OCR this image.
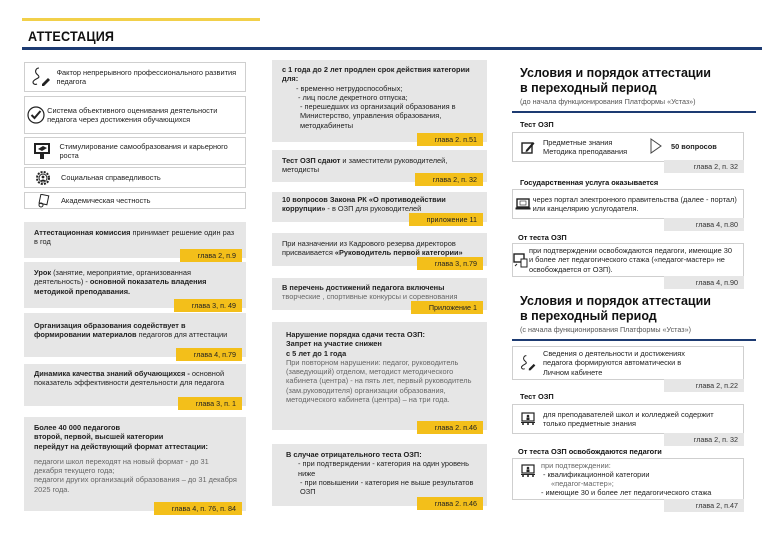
АТТЕСТАЦИЯ
Фактор непрерывного профессионального развития педагога
Система объективного оценивания деятельности педагога через достижения обучающихся
Стимулирование самообразования и карьерного роста
Социальная справедливость
Академическая честность
Аттестационная комиссия принимает решение один раз в год
глава 2, п.9
Урок (занятие, мероприятие, организованная деятельность) - основной показатель владения методикой преподавания.
глава 3, п. 49
Организация образования содействует в формировании материалов педагогов для аттестации
глава 4, п.79
Динамика качества знаний обучающихся - основной показатель эффективности деятельности для педагога
глава 3, п. 1
Более 40 000 педагогов
второй, первой, высшей категории
перейдут на действующий формат аттестации:
педагоги школ переходят на новый формат - до 31 декабря текущего года;
педагоги других организаций образования – до 31 декабря 2025 года.
глава 4, п. 76, п. 84
с 1 года до 2 лет продлен срок действия категории для:
- временно нетрудоспособных;
- лиц после декретного отпуска;
- перешедших из организаций образования в Министерство, управления образования, методкабинеты
глава 2. п.51
Тест ОЗП сдают и заместители руководителей, методисты
глава 2, п. 32
10 вопросов Закона РК «О противодействии коррупции» - в ОЗП для руководителей
приложение 11
При назначении из Кадрового резерва директоров присваивается «Руководитель первой категории»
глава 3, п.79
В перечень достижений педагога включены
творческие , спортивные конкурсы и соревнования
Приложение 1
Нарушение порядка сдачи теста ОЗП:
Запрет на участие снижен
с 5 лет до 1 года
При повторном нарушении: педагог, руководитель (заведующий) отделом, методист методического кабинета (центра) - на пять лет, первый руководитель (зам.руководителя) организации образования, методического кабинета (центра) – на три года.
глава 2. п.46
В случае отрицательного теста ОЗП:
- при подтверждении - категория на один уровень ниже
- при повышении - категория не выше результатов ОЗП
глава 2. п.46
Условия и порядок аттестации
в переходный период
(до начала функционирования Платформы «Устаз»)
Тест ОЗП
Предметные знания
Методика преподавания
50 вопросов
глава 2, п. 32
Государственная услуга оказывается
через портал электронного правительства (далее - портал) или канцелярию услугодателя.
глава 4, п.80
От теста ОЗП
при подтверждении освобождаются педагоги, имеющие 30 и более лет педагогического стажа («педагог-мастер» не освобождается от ОЗП).
глава 4, п.90
Условия и порядок аттестации
в переходный период
(с начала функционирования Платформы «Устаз»)
Сведения о деятельности и достижениях педагога формируются автоматически в Личном кабинете
глава 2, п.22
Тест ОЗП
для преподавателей школ и колледжей содержит только предметные знания
глава 2, п. 32
От теста ОЗП освобождаются педагоги
при подтверждении:
- квалификационной категории
«педагог-мастер»;
- имеющие 30 и более лет педагогического стажа
глава 2, п.47
